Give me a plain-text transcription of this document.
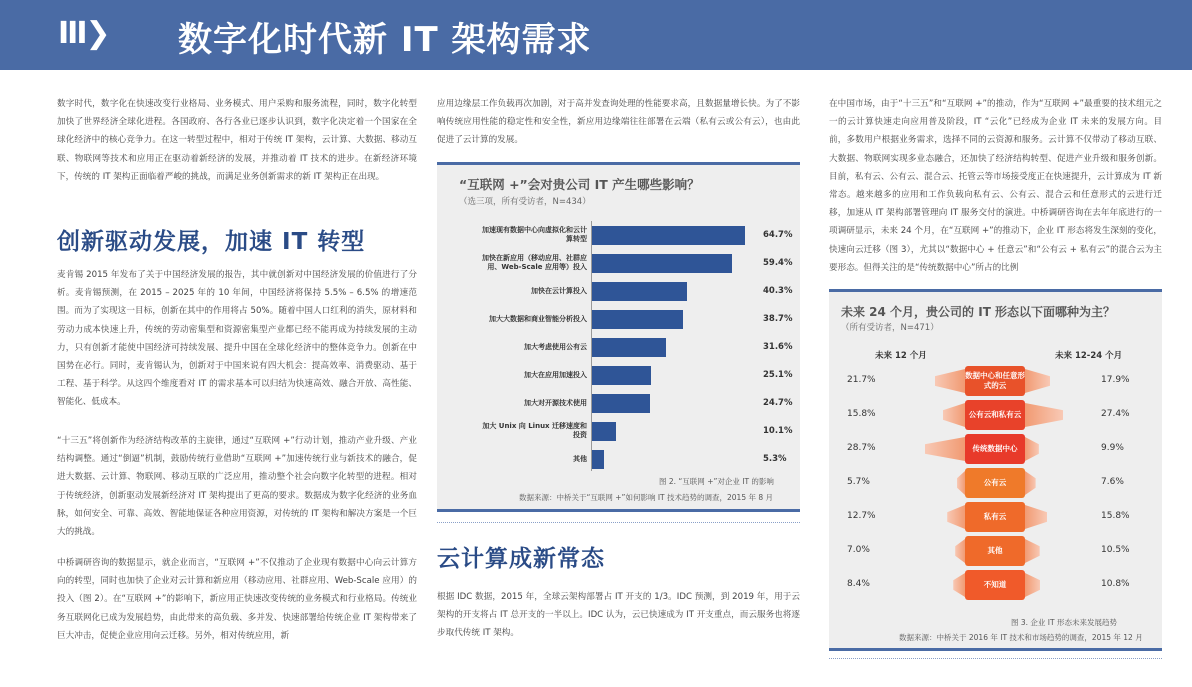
III❯ 数字化时代新 IT 架构需求
数字时代，数字化在快速改变行业格局、业务模式、用户采购和服务流程，同时，数字化转型加快了世界经济全球化进程。各国政府、各行各业已逐步认识到，数字化决定着一个国家在全球化经济中的核心竞争力。在这一转型过程中，相对于传统 IT 架构，云计算、大数据、移动互联、物联网等技术和应用正在驱动着新经济的发展，并推动着 IT 技术的进步。在新经济环境下，传统的 IT 架构正面临着严峻的挑战，而满足业务创新需求的新 IT 架构正在出现。
创新驱动发展，加速 IT 转型
麦肯锡 2015 年发布了关于中国经济发展的报告，其中就创新对中国经济发展的价值进行了分析。麦肯锡预测，在 2015 – 2025 年的 10 年间，中国经济将保持 5.5% – 6.5% 的增速范围。而为了实现这一目标，创新在其中的作用将占 50%。随着中国人口红利的消失，原材料和劳动力成本快速上升，传统的劳动密集型和资源密集型产业都已经不能再成为持续发展的主动力，只有创新才能使中国经济可持续发展、提升中国在全球化经济中的整体竞争力。创新在中国势在必行。同时，麦肯锡认为，创新对于中国来说有四大机会：提高效率、消费驱动、基于工程、基于科学。从这四个维度看对 IT 的需求基本可以归结为快速高效、融合开放、高性能、智能化、低成本。
“十三五”将创新作为经济结构改革的主旋律，通过“互联网 +”行动计划，推动产业升级、产业结构调整。通过“倒逼”机制，鼓励传统行业借助“互联网 +”加速传统行业与新技术的融合，促进大数据、云计算、物联网、移动互联的广泛应用，推动整个社会向数字化转型的进程。相对于传统经济，创新驱动发展新经济对 IT 架构提出了更高的要求。数据成为数字化经济的业务血脉，如何安全、可靠、高效、智能地保证各种应用资源，对传统的 IT 架构和解决方案是一个巨大的挑战。
中桥调研咨询的数据显示，就企业而言，“互联网 +”不仅推动了企业现有数据中心向云计算方向的转型，同时也加快了企业对云计算和新应用（移动应用、社群应用、Web-Scale 应用）的投入（图 2）。在“互联网 +”的影响下，新应用正快速改变传统的业务模式和行业格局。传统业务互联网化已成为发展趋势，由此带来的高负载、多并发、快速部署给传统企业 IT 架构带来了巨大冲击，促使企业应用向云迁移。另外，相对传统应用，新
应用边缘层工作负载再次加剧，对于高并发查询处理的性能要求高，且数据量增长快。为了不影响传统应用性能的稳定性和安全性，新应用边缘端往往部署在云端（私有云或公有云），也由此促进了云计算的发展。
“互联网 +”会对贵公司 IT 产生哪些影响？
（选三项，所有受访者，N=434）
加速现有数据中心向虚拟化和云计算转型	64.7%
加快在新应用（移动应用、社群应用、Web-Scale 应用等）投入	59.4%
加快在云计算投入	40.3%
加大大数据和商业智能分析投入	38.7%
加大考虑使用公有云	31.6%
加大在应用加速投入	25.1%
加大对开源技术使用	24.7%
加大 Unix 向 Linux 迁移速度和投资	10.1%
其他	5.3%
图 2. “互联网 +”对企业 IT 的影响
数据来源：中桥关于“互联网 +”如何影响 IT 技术趋势的调查，2015 年 8 月
云计算成新常态
根据 IDC 数据，2015 年，全球云架构部署占 IT 开支的 1/3。IDC 预测，到 2019 年，用于云架构的开支将占 IT 总开支的一半以上。IDC 认为，云已快速成为 IT 开支重点，而云服务也将逐步取代传统 IT 架构。
在中国市场，由于“十三五”和“互联网 +”的推动，作为“互联网 +”最重要的技术组元之一的云计算快速走向应用普及阶段，IT “云化”已经成为企业 IT 未来的发展方向。目前，多数用户根据业务需求，选择不同的云资源和服务。云计算不仅带动了移动互联、大数据、物联网实现多业态融合，还加快了经济结构转型、促进产业升级和服务创新。目前，私有云、公有云、混合云、托管云等市场接受度正在快速提升，云计算成为 IT 新常态。越来越多的应用和工作负载向私有云、公有云、混合云和任意形式的云进行迁移，加速从 IT 架构部署管理向 IT 服务交付的演进。中桥调研咨询在去年年底进行的一项调研显示，未来 24 个月，在“互联网 +”的推动下，企业 IT 形态将发生深刻的变化，快速向云迁移（图 3），尤其以“数据中心 + 任意云”和“公有云 + 私有云”的混合云为主要形态。但得关注的是“传统数据中心”所占的比例
未来 24 个月，贵公司的 IT 形态以下面哪种为主？
（所有受访者，N=471）
未来 12 个月	未来 12-24 个月
数据中心和任意形式的云
21.7%	17.9%
公有云和私有云
15.8%	27.4%
传统数据中心
28.7%	9.9%
公有云
5.7%	7.6%
私有云
12.7%	15.8%
其他
7.0%	10.5%
不知道
8.4%	10.8%
图 3. 企业 IT 形态未来发展趋势
数据来源：中桥关于 2016 年 IT 技术和市场趋势的调查，2015 年 12 月
